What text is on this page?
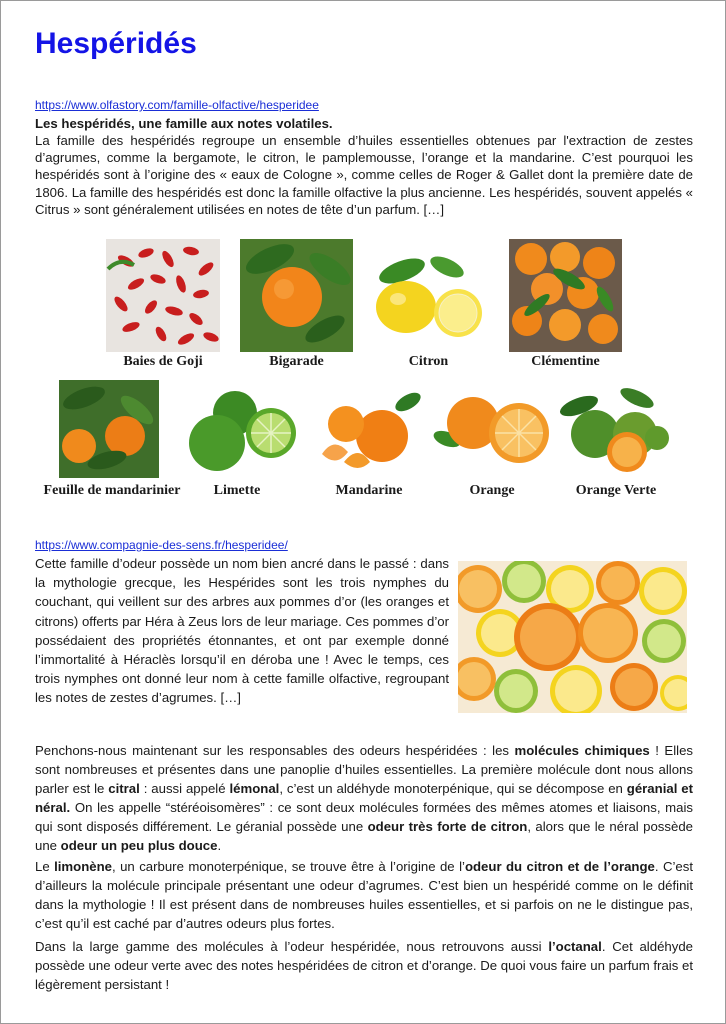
Hespéridés
https://www.olfastory.com/famille-olfactive/hesperidee
Les hespéridés, une famille aux notes volatiles.
La famille des hespéridés regroupe un ensemble d’huiles essentielles obtenues par l'extraction de zestes d’agrumes, comme la bergamote, le citron, le pamplemousse, l’orange et la mandarine. C’est pourquoi les hespéridés sont à l’origine des « eaux de Cologne », comme celles de Roger & Gallet dont la première date de 1806. La famille des hespéridés est donc la famille olfactive la plus ancienne. Les hespéridés, souvent appelés « Citrus » sont généralement utilisées en notes de tête d’un parfum. […]
Baies de Goji	Bigarade	Citron	Clémentine
Feuille de mandarinier	Limette	Mandarine	Orange	Orange Verte
https://www.compagnie-des-sens.fr/hesperidee/
Cette famille d’odeur possède un nom bien ancré dans le passé : dans la mythologie grecque, les Hespérides sont les trois nymphes du couchant, qui veillent sur des arbres aux pommes d’or (les oranges et citrons) offerts par Héra à Zeus lors de leur mariage. Ces pommes d’or possédaient des propriétés étonnantes, et ont par exemple donné l’immortalité à Héraclès lorsqu’il en déroba une ! Avec le temps, ces trois nymphes ont donné leur nom à cette famille olfactive, regroupant les notes de zestes d’agrumes. […]
Penchons-nous maintenant sur les responsables des odeurs hespéridées : les molécules chimiques ! Elles sont nombreuses et présentes dans une panoplie d’huiles essentielles. La première molécule dont nous allons parler est le citral : aussi appelé lémonal, c’est un aldéhyde monoterpénique, qui se décompose en géranial et néral. On les appelle “stéréoisomères” : ce sont deux molécules formées des mêmes atomes et liaisons, mais qui sont disposés différement. Le géranial possède une odeur très forte de citron, alors que le néral possède une odeur un peu plus douce.
Le limonène, un carbure monoterpénique, se trouve être à l’origine de l’odeur du citron et de l’orange. C’est d’ailleurs la molécule principale présentant une odeur d’agrumes. C’est bien un hespéridé comme on le définit dans la mythologie ! Il est présent dans de nombreuses huiles essentielles, et si parfois on ne le distingue pas, c’est qu’il est caché par d’autres odeurs plus fortes.
Dans la large gamme des molécules à l’odeur hespéridée, nous retrouvons aussi l’octanal. Cet aldéhyde possède une odeur verte avec des notes hespéridées de citron et d’orange. De quoi vous faire un parfum frais et légèrement persistant !
